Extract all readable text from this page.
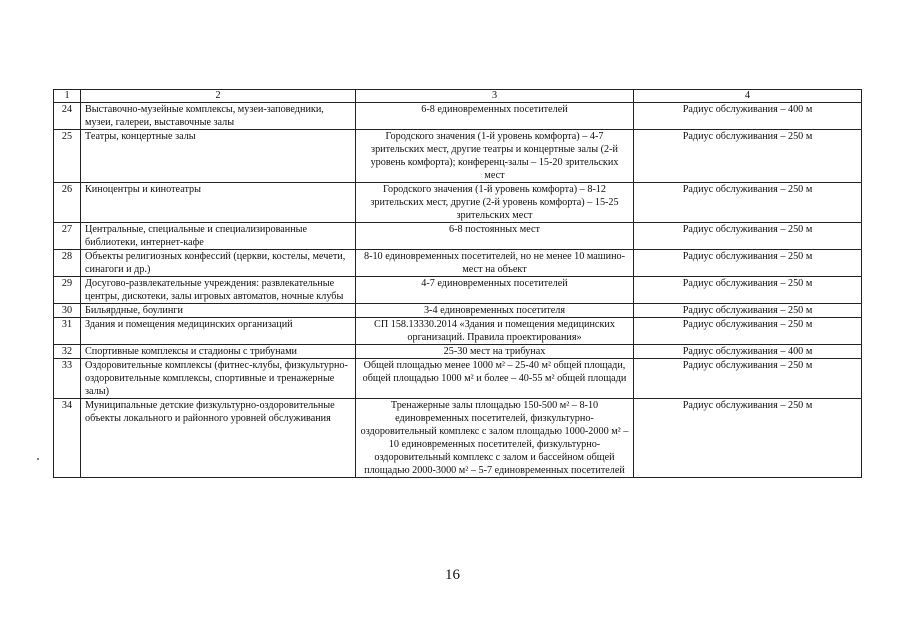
1	2	3	4
24	Выставочно-музейные комплексы, музеи-заповедники, музеи, галереи, выставочные залы	6-8 единовременных посетителей	Радиус обслуживания – 400 м
25	Театры, концертные залы	Городского значения (1-й уровень комфорта) – 4-7 зрительских мест, другие театры и концертные залы (2-й уровень комфорта); конференц-залы – 15-20 зрительских мест	Радиус обслуживания – 250 м
26	Киноцентры и кинотеатры	Городского значения (1-й уровень комфорта) – 8-12 зрительских мест, другие (2-й уровень комфорта) – 15-25 зрительских мест	Радиус обслуживания – 250 м
27	Центральные, специальные и специализированные библиотеки, интернет-кафе	6-8 постоянных мест	Радиус обслуживания – 250 м
28	Объекты религиозных конфессий (церкви, костелы, мечети, синагоги и др.)	8-10 единовременных посетителей, но не менее 10 машино-мест на объект	Радиус обслуживания – 250 м
29	Досугово-развлекательные учреждения: развлекательные центры, дискотеки, залы игровых автоматов, ночные клубы	4-7 единовременных посетителей	Радиус обслуживания – 250 м
30	Бильярдные, боулинги	3-4 единовременных посетителя	Радиус обслуживания – 250 м
31	Здания и помещения медицинских организаций	СП 158.13330.2014 «Здания и помещения медицинских организаций. Правила проектирования»	Радиус обслуживания – 250 м
32	Спортивные комплексы и стадионы с трибунами	25-30 мест на трибунах	Радиус обслуживания – 400 м
33	Оздоровительные комплексы (фитнес-клубы, физкультурно-оздоровительные комплексы, спортивные и тренажерные залы)	Общей площадью менее 1000 м² – 25-40 м² общей площади, общей площадью 1000 м² и более – 40-55 м² общей площади	Радиус обслуживания – 250 м
34	Муниципальные детские физкультурно-оздоровительные объекты локального и районного уровней обслуживания	Тренажерные залы площадью 150-500 м² – 8-10 единовременных посетителей, физкультурно-оздоровительный комплекс с залом площадью 1000-2000 м² – 10 единовременных посетителей, физкультурно-оздоровительный комплекс с залом и бассейном общей площадью 2000-3000 м² – 5-7 единовременных посетителей	Радиус обслуживания – 250 м
16
